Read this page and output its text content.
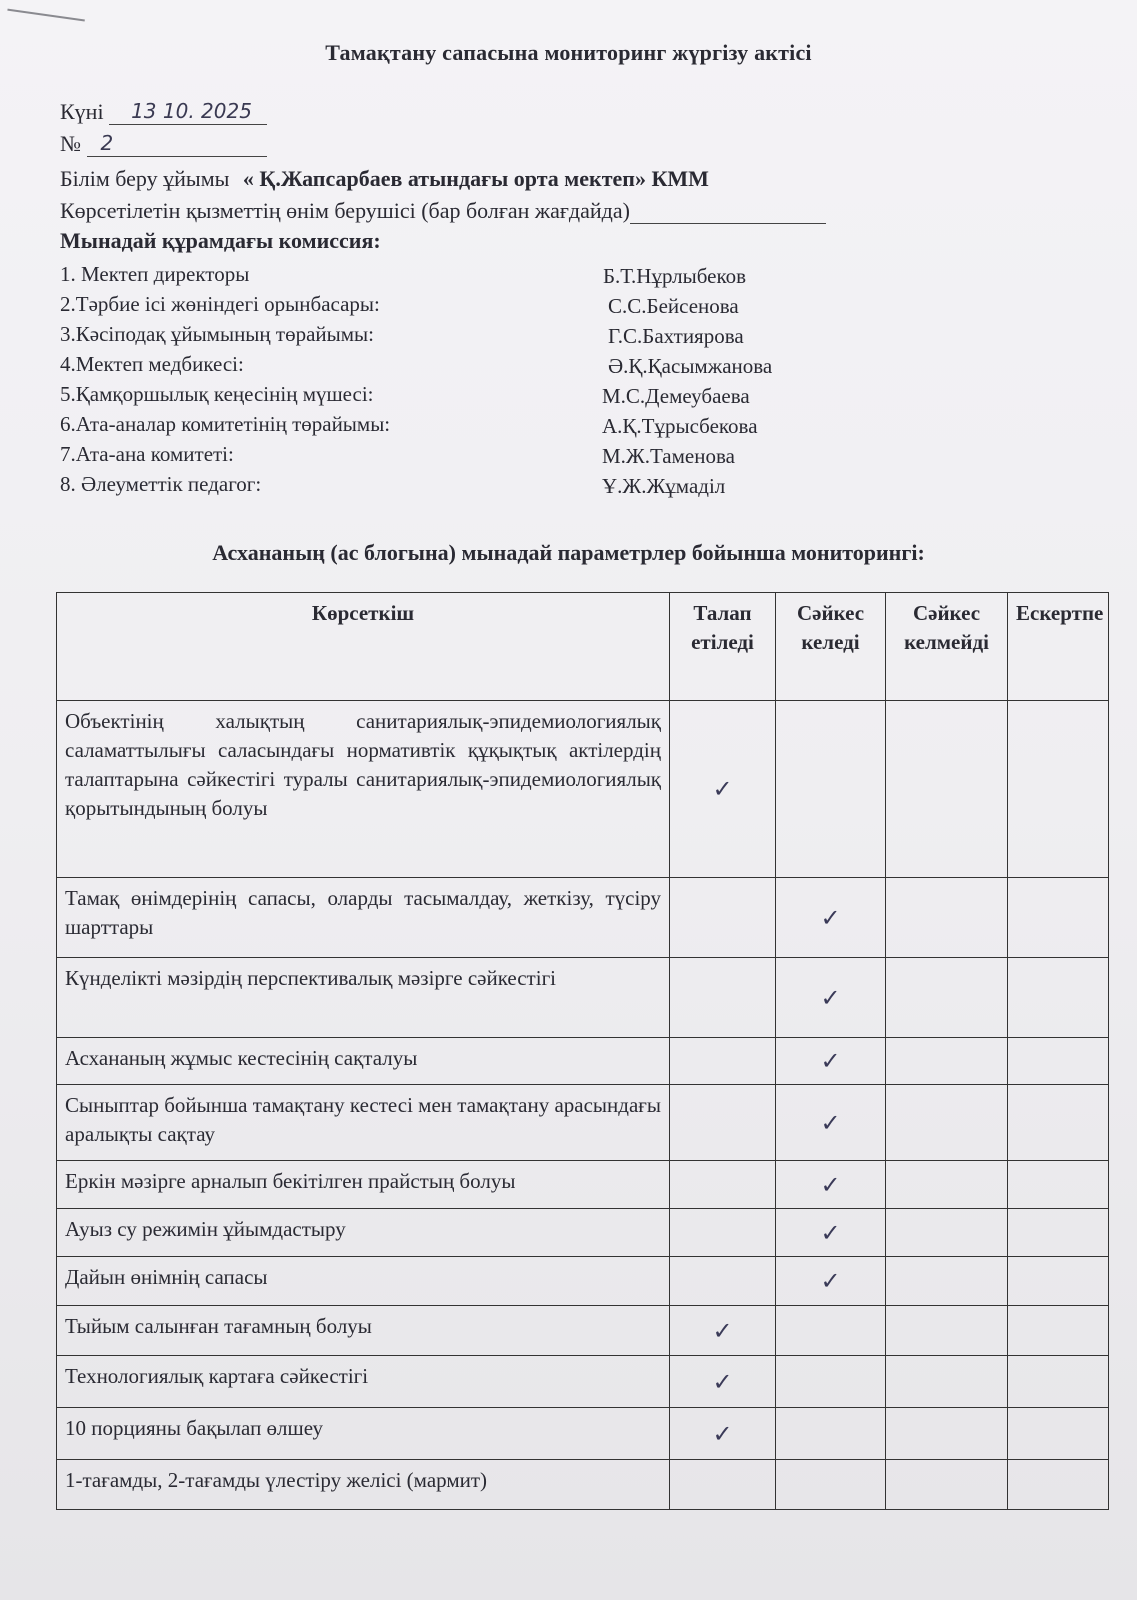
Тамақтану сапасына мониторинг жүргізу актісі
Күні 13 10. 2025
№ 2
Білім беру ұйымы « Қ.Жапсарбаев атындағы орта мектеп» КММ
Көрсетілетін қызметтің өнім берушісі (бар болған жағдайда)
Мынадай құрамдағы комиссия:
1. Мектеп директоры	Б.Т.Нұрлыбеков
2.Тәрбие ісі жөніндегі орынбасары:	С.С.Бейсенова
3.Кәсіподақ ұйымының төрайымы:	Г.С.Бахтиярова
4.Мектеп медбикесі:	Ә.Қ.Қасымжанова
5.Қамқоршылық кеңесінің мүшесі:	М.С.Демеубаева
6.Ата-аналар комитетінің төрайымы:	А.Қ.Тұрысбекова
7.Ата-ана комитеті:	М.Ж.Таменова
8. Әлеуметтік педагог:	Ұ.Ж.Жұмаділ
Асхананың (ас блогына) мынадай параметрлер бойынша мониторингі:
Көрсеткіш	Талап етіледі	Сәйкес келеді	Сәйкес келмейді	Ескертпе
Объектінің халықтың санитариялық-эпидемиологиялық саламаттылығы саласындағы нормативтік құқықтық актілердің талаптарына сәйкестігі туралы санитариялық-эпидемиологиялық қорытындының болуы	✓			
Тамақ өнімдерінің сапасы, оларды тасымалдау, жеткізу, түсіру шарттары		✓		
Күнделікті мәзірдің перспективалық мәзірге сәйкестігі		✓		
Асхананың жұмыс кестесінің сақталуы		✓		
Сыныптар бойынша тамақтану кестесі мен тамақтану арасындағы аралықты сақтау		✓		
Еркін мәзірге арналып бекітілген прайстың болуы		✓		
Ауыз су режимін ұйымдастыру		✓		
Дайын өнімнің сапасы		✓		
Тыйым салынған тағамның болуы	✓			
Технологиялық картаға сәйкестігі	✓			
10 порцияны бақылап өлшеу	✓			
1-тағамды, 2-тағамды үлестіру желісі (мармит)				
